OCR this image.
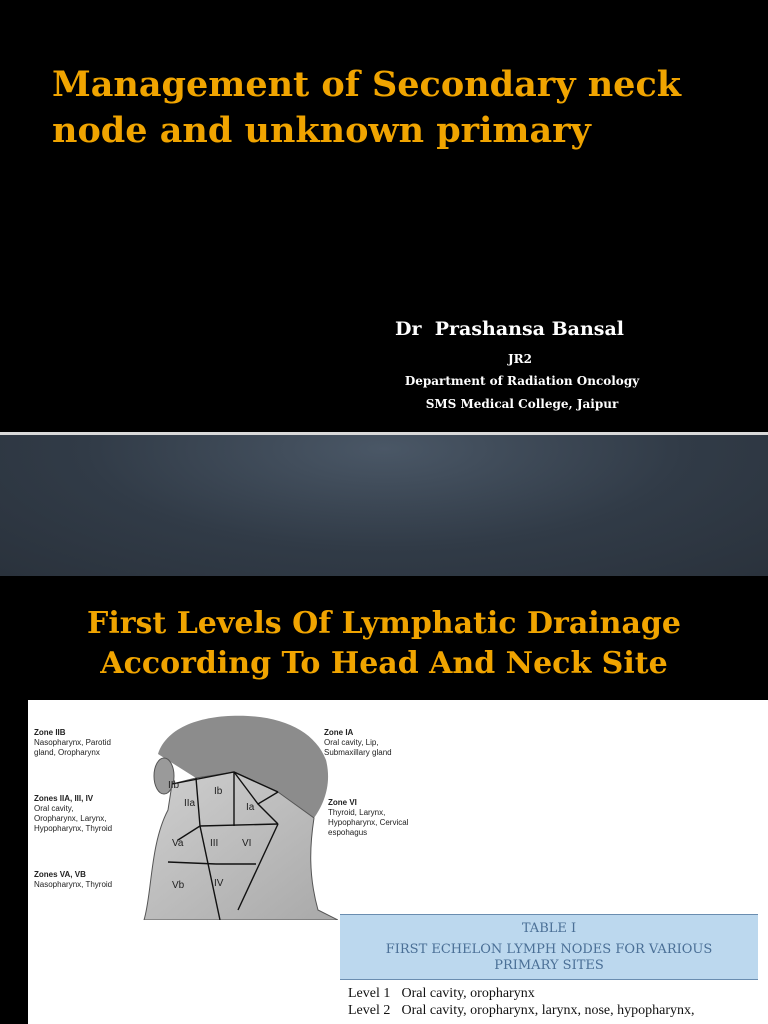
Management of Secondary neck
node and unknown primary

Dr  Prashansa Bansal

JR2

Department of Radiation Oncology

SMS Medical College, Jaipur

First Levels Of Lymphatic Drainage
According To Head And Neck Site
Zone IIB
Nasopharynx, Parotid
gland, Oropharynx
Zones IIA, III, IV
Oral cavity,
Oropharynx, Larynx,
Hypopharynx, Thyroid
Zones VA, VB
Nasopharynx, Thyroid
Zone IA
Oral cavity, Lip,
Submaxillary gland
Zone VI
Thyroid, Larynx,
Hypopharynx, Cervical
espohagus
IIb
Ib
IIa	Ia
Va	III VI
Vb	IV
TABLE I
FIRST ECHELON LYMPH NODES FOR VARIOUS PRIMARY SITES
Level 1 Oral cavity, oropharynx
Level 2 Oral cavity, oropharynx, larynx, nose, hypopharynx,
